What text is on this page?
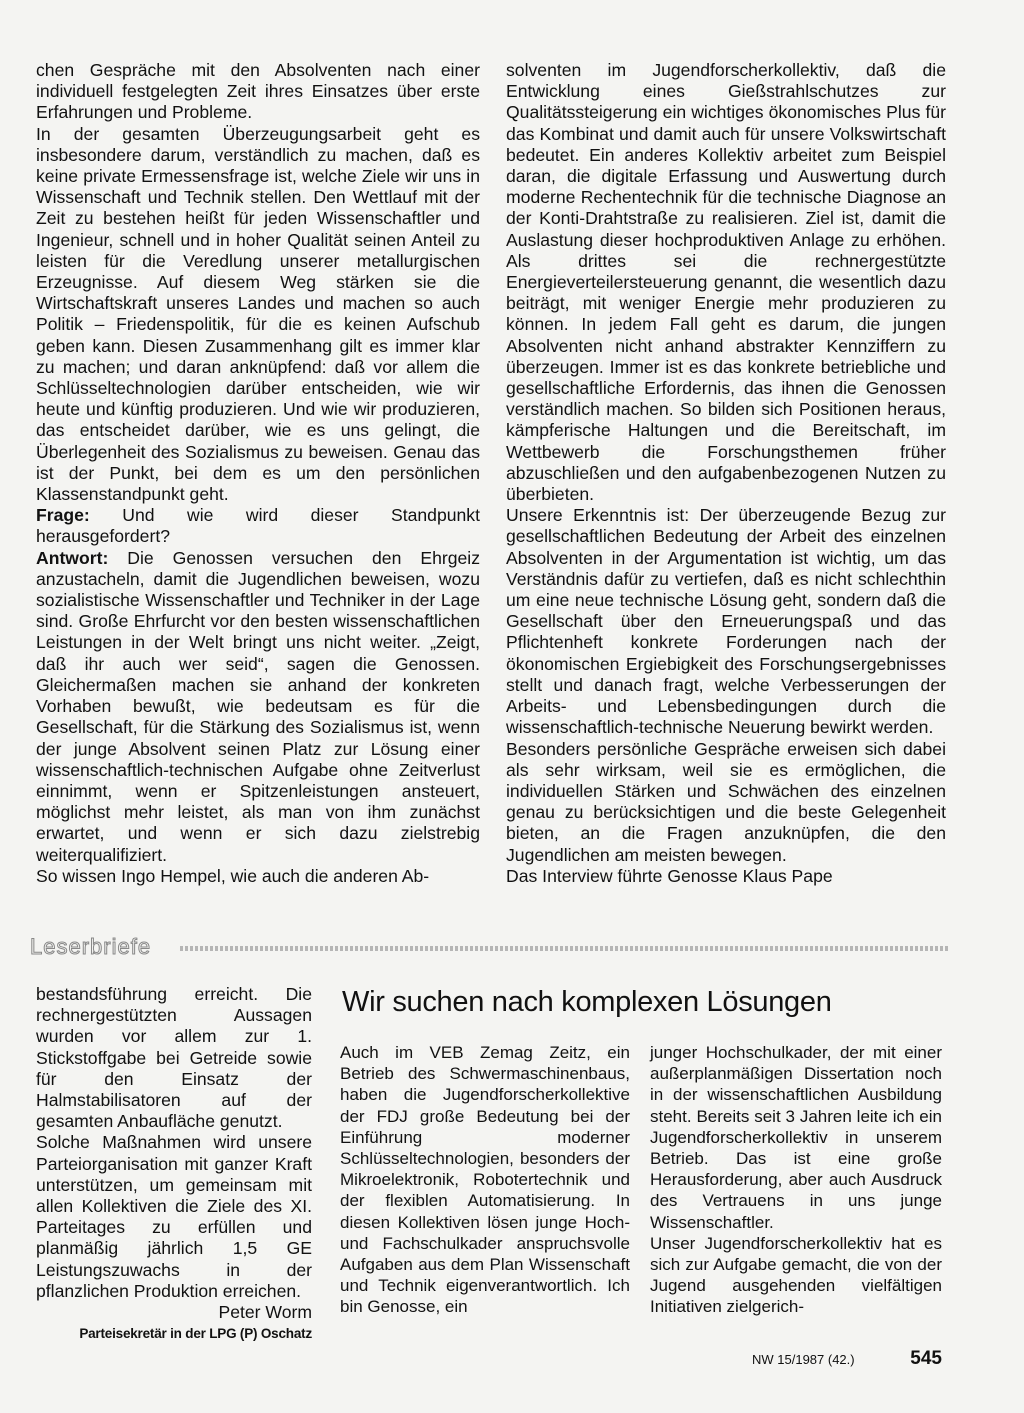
chen Gespräche mit den Absolventen nach einer individuell festgelegten Zeit ihres Einsatzes über erste Erfahrungen und Probleme.

In der gesamten Überzeugungsarbeit geht es insbesondere darum, verständlich zu machen, daß es keine private Ermessensfrage ist, welche Ziele wir uns in Wissenschaft und Technik stellen. Den Wettlauf mit der Zeit zu bestehen heißt für jeden Wissenschaftler und Ingenieur, schnell und in hoher Qualität seinen Anteil zu leisten für die Veredlung unserer metallurgischen Erzeugnisse. Auf diesem Weg stärken sie die Wirtschaftskraft unseres Landes und machen so auch Politik – Friedenspolitik, für die es keinen Aufschub geben kann. Diesen Zusammenhang gilt es immer klar zu machen; und daran anknüpfend: daß vor allem die Schlüsseltechnologien darüber entscheiden, wie wir heute und künftig produzieren. Und wie wir produzieren, das entscheidet darüber, wie es uns gelingt, die Überlegenheit des Sozialismus zu beweisen. Genau das ist der Punkt, bei dem es um den persönlichen Klassenstandpunkt geht.

Frage: Und wie wird dieser Standpunkt herausgefordert?

Antwort: Die Genossen versuchen den Ehrgeiz anzustacheln, damit die Jugendlichen beweisen, wozu sozialistische Wissenschaftler und Techniker in der Lage sind. Große Ehrfurcht vor den besten wissenschaftlichen Leistungen in der Welt bringt uns nicht weiter. „Zeigt, daß ihr auch wer seid“, sagen die Genossen. Gleichermaßen machen sie anhand der konkreten Vorhaben bewußt, wie bedeutsam es für die Gesellschaft, für die Stärkung des Sozialismus ist, wenn der junge Absolvent seinen Platz zur Lösung einer wissenschaftlich-technischen Aufgabe ohne Zeitverlust einnimmt, wenn er Spitzenleistungen ansteuert, möglichst mehr leistet, als man von ihm zunächst erwartet, und wenn er sich dazu zielstrebig weiterqualifiziert.

So wissen Ingo Hempel, wie auch die anderen Ab-

solventen im Jugendforscherkollektiv, daß die Entwicklung eines Gießstrahlschutzes zur Qualitätssteigerung ein wichtiges ökonomisches Plus für das Kombinat und damit auch für unsere Volkswirtschaft bedeutet. Ein anderes Kollektiv arbeitet zum Beispiel daran, die digitale Erfassung und Auswertung durch moderne Rechentechnik für die technische Diagnose an der Konti-Drahtstraße zu realisieren. Ziel ist, damit die Auslastung dieser hochproduktiven Anlage zu erhöhen. Als drittes sei die rechnergestützte Energieverteilersteuerung genannt, die wesentlich dazu beiträgt, mit weniger Energie mehr produzieren zu können. In jedem Fall geht es darum, die jungen Absolventen nicht anhand abstrakter Kennziffern zu überzeugen. Immer ist es das konkrete betriebliche und gesellschaftliche Erfordernis, das ihnen die Genossen verständlich machen. So bilden sich Positionen heraus, kämpferische Haltungen und die Bereitschaft, im Wettbewerb die Forschungsthemen früher abzuschließen und den aufgabenbezogenen Nutzen zu überbieten.

Unsere Erkenntnis ist: Der überzeugende Bezug zur gesellschaftlichen Bedeutung der Arbeit des einzelnen Absolventen in der Argumentation ist wichtig, um das Verständnis dafür zu vertiefen, daß es nicht schlechthin um eine neue technische Lösung geht, sondern daß die Gesellschaft über den Erneuerungspaß und das Pflichtenheft konkrete Forderungen nach der ökonomischen Ergiebigkeit des Forschungsergebnisses stellt und danach fragt, welche Verbesserungen der Arbeits- und Lebensbedingungen durch die wissenschaftlich-technische Neuerung bewirkt werden.

Besonders persönliche Gespräche erweisen sich dabei als sehr wirksam, weil sie es ermöglichen, die individuellen Stärken und Schwächen des einzelnen genau zu berücksichtigen und die beste Gelegenheit bieten, an die Fragen anzuknüpfen, die den Jugendlichen am meisten bewegen.

Das Interview führte Genosse Klaus Pape

Leserbriefe

bestandsführung erreicht. Die rechnergestützten Aussagen wurden vor allem zur 1. Stickstoffgabe bei Getreide sowie für den Einsatz der Halmstabilisatoren auf der gesamten Anbaufläche genutzt.

Solche Maßnahmen wird unsere Parteiorganisation mit ganzer Kraft unterstützen, um gemeinsam mit allen Kollektiven die Ziele des XI. Parteitages zu erfüllen und planmäßig jährlich 1,5 GE Leistungszuwachs in der pflanzlichen Produktion erreichen.

Peter Worm
Parteisekretär in der LPG (P) Oschatz
Wir suchen nach komplexen Lösungen

Auch im VEB Zemag Zeitz, ein Betrieb des Schwermaschinenbaus, haben die Jugendforscherkollektive der FDJ große Bedeutung bei der Einführung moderner Schlüsseltechnologien, besonders der Mikroelektronik, Robotertechnik und der flexiblen Automatisierung. In diesen Kollektiven lösen junge Hoch- und Fachschulkader anspruchsvolle Aufgaben aus dem Plan Wissenschaft und Technik eigenverantwortlich. Ich bin Genosse, ein

junger Hochschulkader, der mit einer außerplanmäßigen Dissertation noch in der wissenschaftlichen Ausbildung steht. Bereits seit 3 Jahren leite ich ein Jugendforscherkollektiv in unserem Betrieb. Das ist eine große Herausforderung, aber auch Ausdruck des Vertrauens in uns junge Wissenschaftler.

Unser Jugendforscherkollektiv hat es sich zur Aufgabe gemacht, die von der Jugend ausgehenden vielfältigen Initiativen zielgerich-

NW 15/1987 (42.)	545
